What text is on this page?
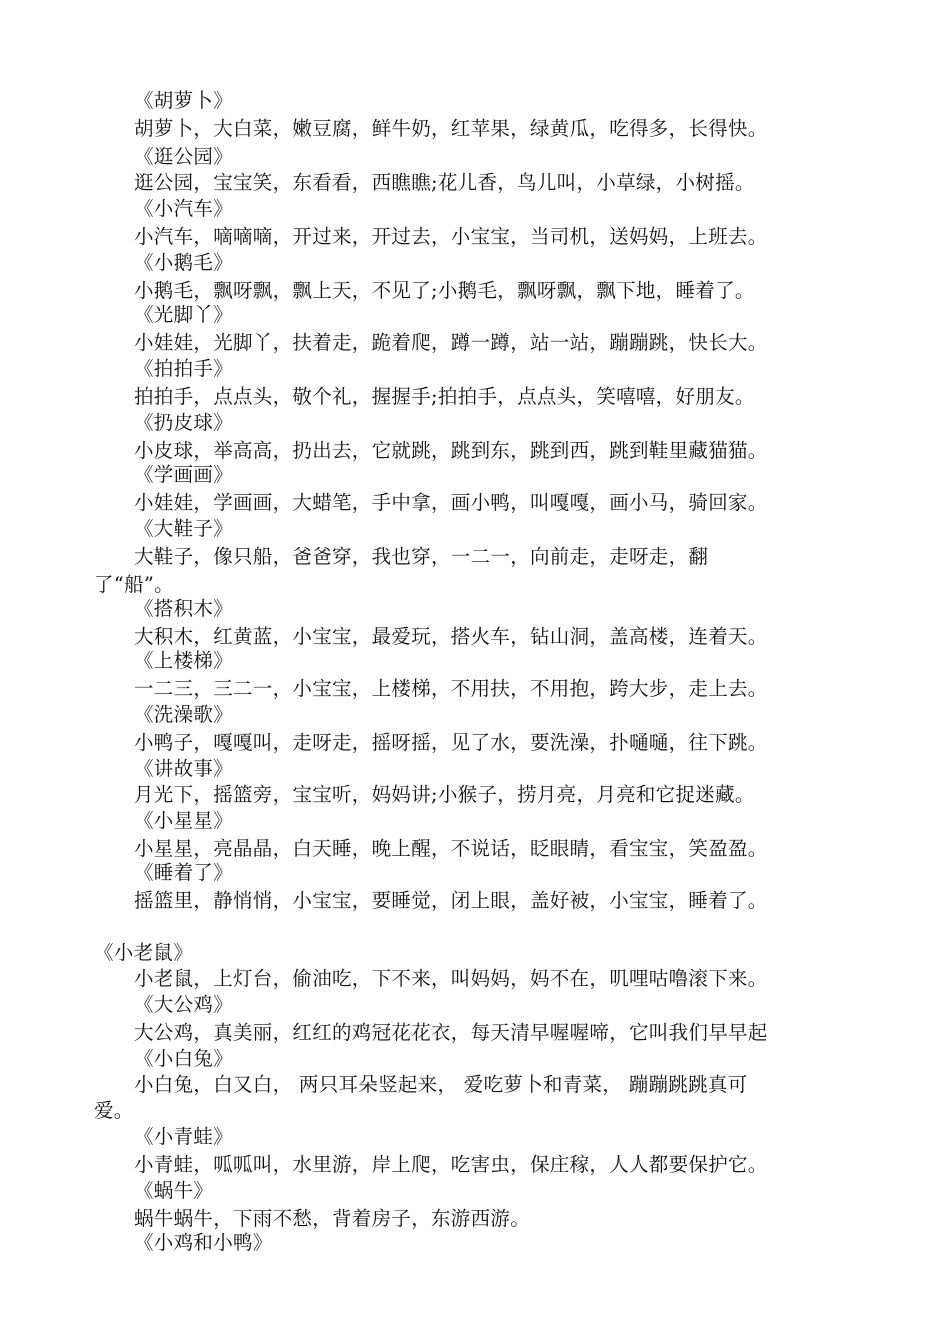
《胡萝卜》
胡萝卜，大白菜，嫩豆腐，鲜牛奶，红苹果，绿黄瓜，吃得多，长得快。
《逛公园》
逛公园，宝宝笑，东看看，西瞧瞧;花儿香，鸟儿叫，小草绿，小树摇。
《小汽车》
小汽车，嘀嘀嘀，开过来，开过去，小宝宝，当司机，送妈妈，上班去。
《小鹅毛》
小鹅毛，飘呀飘，飘上天，不见了;小鹅毛，飘呀飘，飘下地，睡着了。
《光脚丫》
小娃娃，光脚丫，扶着走，跪着爬，蹲一蹲，站一站，蹦蹦跳，快长大。
《拍拍手》
拍拍手，点点头，敬个礼，握握手;拍拍手，点点头，笑嘻嘻，好朋友。
《扔皮球》
小皮球，举高高，扔出去，它就跳，跳到东，跳到西，跳到鞋里藏猫猫。
《学画画》
小娃娃，学画画，大蜡笔，手中拿，画小鸭，叫嘎嘎，画小马，骑回家。
《大鞋子》
大鞋子，像只船，爸爸穿，我也穿，一二一，向前走，走呀走，翻
了“船”。
《搭积木》
大积木，红黄蓝，小宝宝，最爱玩，搭火车，钻山洞，盖高楼，连着天。
《上楼梯》
一二三，三二一，小宝宝，上楼梯，不用扶，不用抱，跨大步，走上去。
《洗澡歌》
小鸭子，嘎嘎叫，走呀走，摇呀摇，见了水，要洗澡，扑嗵嗵，往下跳。
《讲故事》
月光下，摇篮旁，宝宝听，妈妈讲;小猴子，捞月亮，月亮和它捉迷藏。
《小星星》
小星星，亮晶晶，白天睡，晚上醒，不说话，眨眼睛，看宝宝，笑盈盈。
《睡着了》
摇篮里，静悄悄，小宝宝，要睡觉，闭上眼，盖好被，小宝宝，睡着了。
《小老鼠》
小老鼠，上灯台，偷油吃，下不来，叫妈妈，妈不在，叽哩咕噜滚下来。
《大公鸡》
大公鸡，真美丽，红红的鸡冠花花衣，每天清早喔喔啼，它叫我们早早起
《小白兔》
小白兔，白又白， 两只耳朵竖起来， 爱吃萝卜和青菜， 蹦蹦跳跳真可
爱。
《小青蛙》
小青蛙，呱呱叫，水里游，岸上爬，吃害虫，保庄稼，人人都要保护它。
《蜗牛》
蜗牛蜗牛，下雨不愁，背着房子，东游西游。
《小鸡和小鸭》
